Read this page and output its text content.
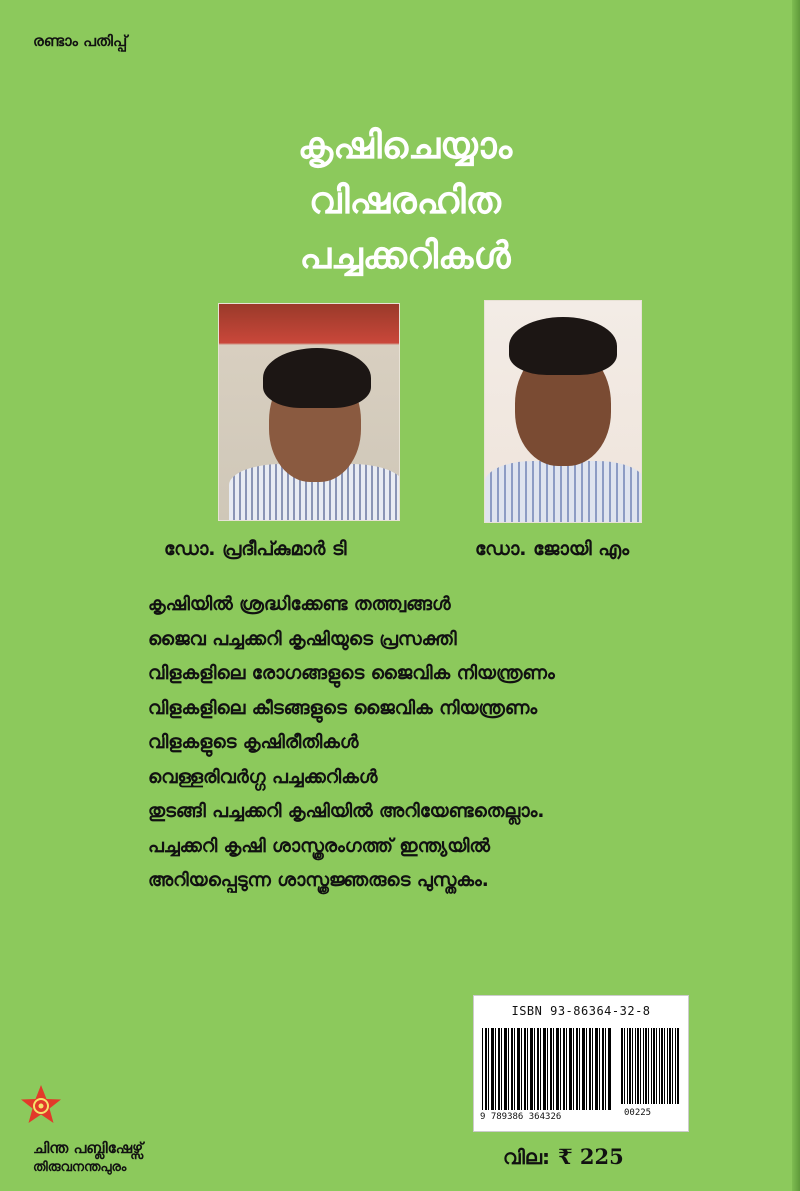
രണ്ടാം പതിപ്പ്
കൃഷിചെയ്യാം
വിഷരഹിത
പച്ചക്കറികൾ
ഡോ. പ്രദീപ്കുമാർ ടി	ഡോ. ജോയി എം
കൃഷിയിൽ ശ്രദ്ധിക്കേണ്ട തത്ത്വങ്ങൾ
ജൈവ പച്ചക്കറി കൃഷിയുടെ പ്രസക്തി
വിളകളിലെ രോഗങ്ങളുടെ ജൈവിക നിയന്ത്രണം
വിളകളിലെ കീടങ്ങളുടെ ജൈവിക നിയന്ത്രണം
വിളകളുടെ കൃഷിരീതികൾ
വെള്ളരിവർഗ്ഗ പച്ചക്കറികൾ
തുടങ്ങി പച്ചക്കറി കൃഷിയിൽ അറിയേണ്ടതെല്ലാം.
പച്ചക്കറി കൃഷി ശാസ്ത്രരംഗത്ത് ഇന്ത്യയിൽ
അറിയപ്പെടുന്ന ശാസ്ത്രജ്ഞരുടെ പുസ്തകം.
ISBN 93-86364-32-8
9 789386 364326	00225
വില: ₹ 225
ചിന്ത പബ്ലിഷേഴ്സ്
തിരുവനന്തപുരം
